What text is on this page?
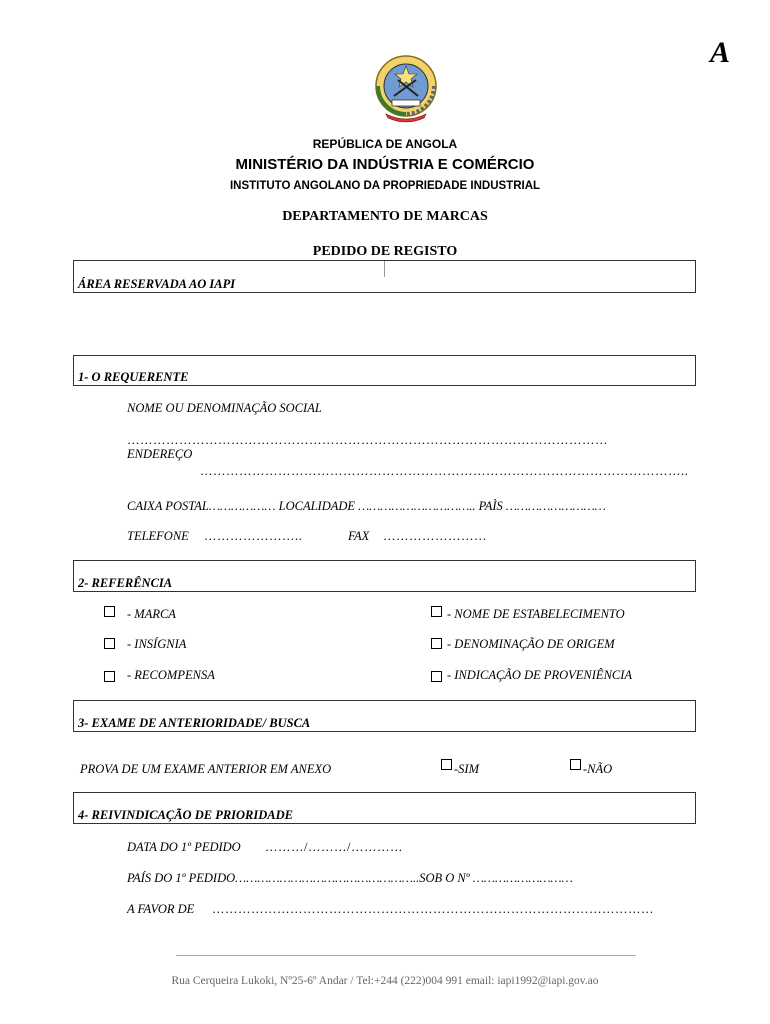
A
REPÚBLICA DE ANGOLA
MINISTÉRIO DA INDÚSTRIA E COMÉRCIO
INSTITUTO ANGOLANO DA PROPRIEDADE INDUSTRIAL
DEPARTAMENTO DE MARCAS
PEDIDO DE REGISTO
ÁREA RESERVADA AO IAPI
1- O REQUERENTE
NOME OU DENOMINAÇÃO SOCIAL
…………………………………………………………………………………………………
ENDEREÇO
…………………………………………………………………………………………………..
CAIXA POSTAL……………… LOCALIDADE ………………………….. PAÌS ………………………
TELEFONE …………………..	FAX ……………………
2- REFERÊNCIA
- MARCA	- NOME DE ESTABELECIMENTO
- INSÍGNIA	- DENOMINAÇÃO DE ORIGEM
- RECOMPENSA	- INDICAÇÃO DE PROVENIÊNCIA
3- EXAME DE ANTERIORIDADE/ BUSCA
PROVA DE UM EXAME ANTERIOR EM ANEXO	-SIM	-NÃO
4- REIVINDICAÇÃO DE PRIORIDADE
DATA DO 1º PEDIDO ………/………/…………
PAÍS DO 1º PEDIDO…………………………………………..SOB O Nº ………………………
A FAVOR DE …………………………………………………………………………………………
Rua Cerqueira Lukoki, Nº25-6º Andar / Tel:+244 (222)004 991 email: iapi1992@iapi.gov.ao
